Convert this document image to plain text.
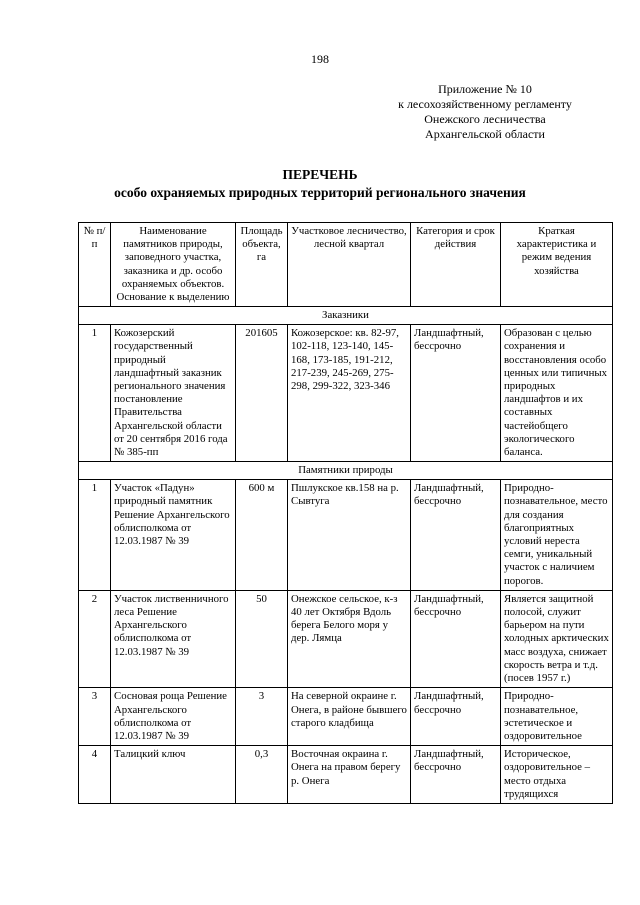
198
Приложение № 10
к лесохозяйственному регламенту
Онежского лесничества
Архангельской области
ПЕРЕЧЕНЬ
особо охраняемых природных территорий регионального значения
№ п/п	Наименование памятников природы, заповедного участка, заказника и др. особо охраняемых объектов. Основание к выделению	Площадь объекта, га	Участковое лесничество, лесной квартал	Категория и срок действия	Краткая характеристика и режим ведения хозяйства
Заказники					
1	Кожозерский государственный природный ландшафтный заказник регионального значения постановление Правительства Архангельской области от 20 сентября 2016 года № 385-пп	201605	Кожозерское: кв. 82-97, 102-118, 123-140, 145-168, 173-185, 191-212, 217-239, 245-269, 275-298, 299-322, 323-346	Ландшафтный, бессрочно	Образован с целью сохранения и восстановления особо ценных или типичных природных ландшафтов и их составных частейобщего экологического баланса.
Памятники природы					
1	Участок «Падун» природный памятник Решение Архангельского облисполкома от 12.03.1987 № 39	600 м	Пшлукское кв.158 на р. Сывтуга	Ландшафтный, бессрочно	Природно-познавательное, место для создания благоприятных условий нереста семги, уникальный участок с наличием порогов.
2	Участок лиственничного леса Решение Архангельского облисполкома от 12.03.1987 № 39	50	Онежское сельское, к-з 40 лет Октября Вдоль берега Белого моря у дер. Лямца	Ландшафтный, бессрочно	Является защитной полосой, служит барьером на пути холодных арктических масс воздуха, снижает скорость ветра и т.д. (посев 1957 г.)
3	Сосновая роща Решение Архангельского облисполкома от 12.03.1987 № 39	3	На северной окраине г. Онега, в районе бывшего старого кладбища	Ландшафтный, бессрочно	Природно-познавательное, эстетическое и оздоровительное
4	Талицкий ключ	0,3	Восточная окраина г. Онега на правом берегу р. Онега	Ландшафтный, бессрочно	Историческое, оздоровительное – место отдыха трудящихся
